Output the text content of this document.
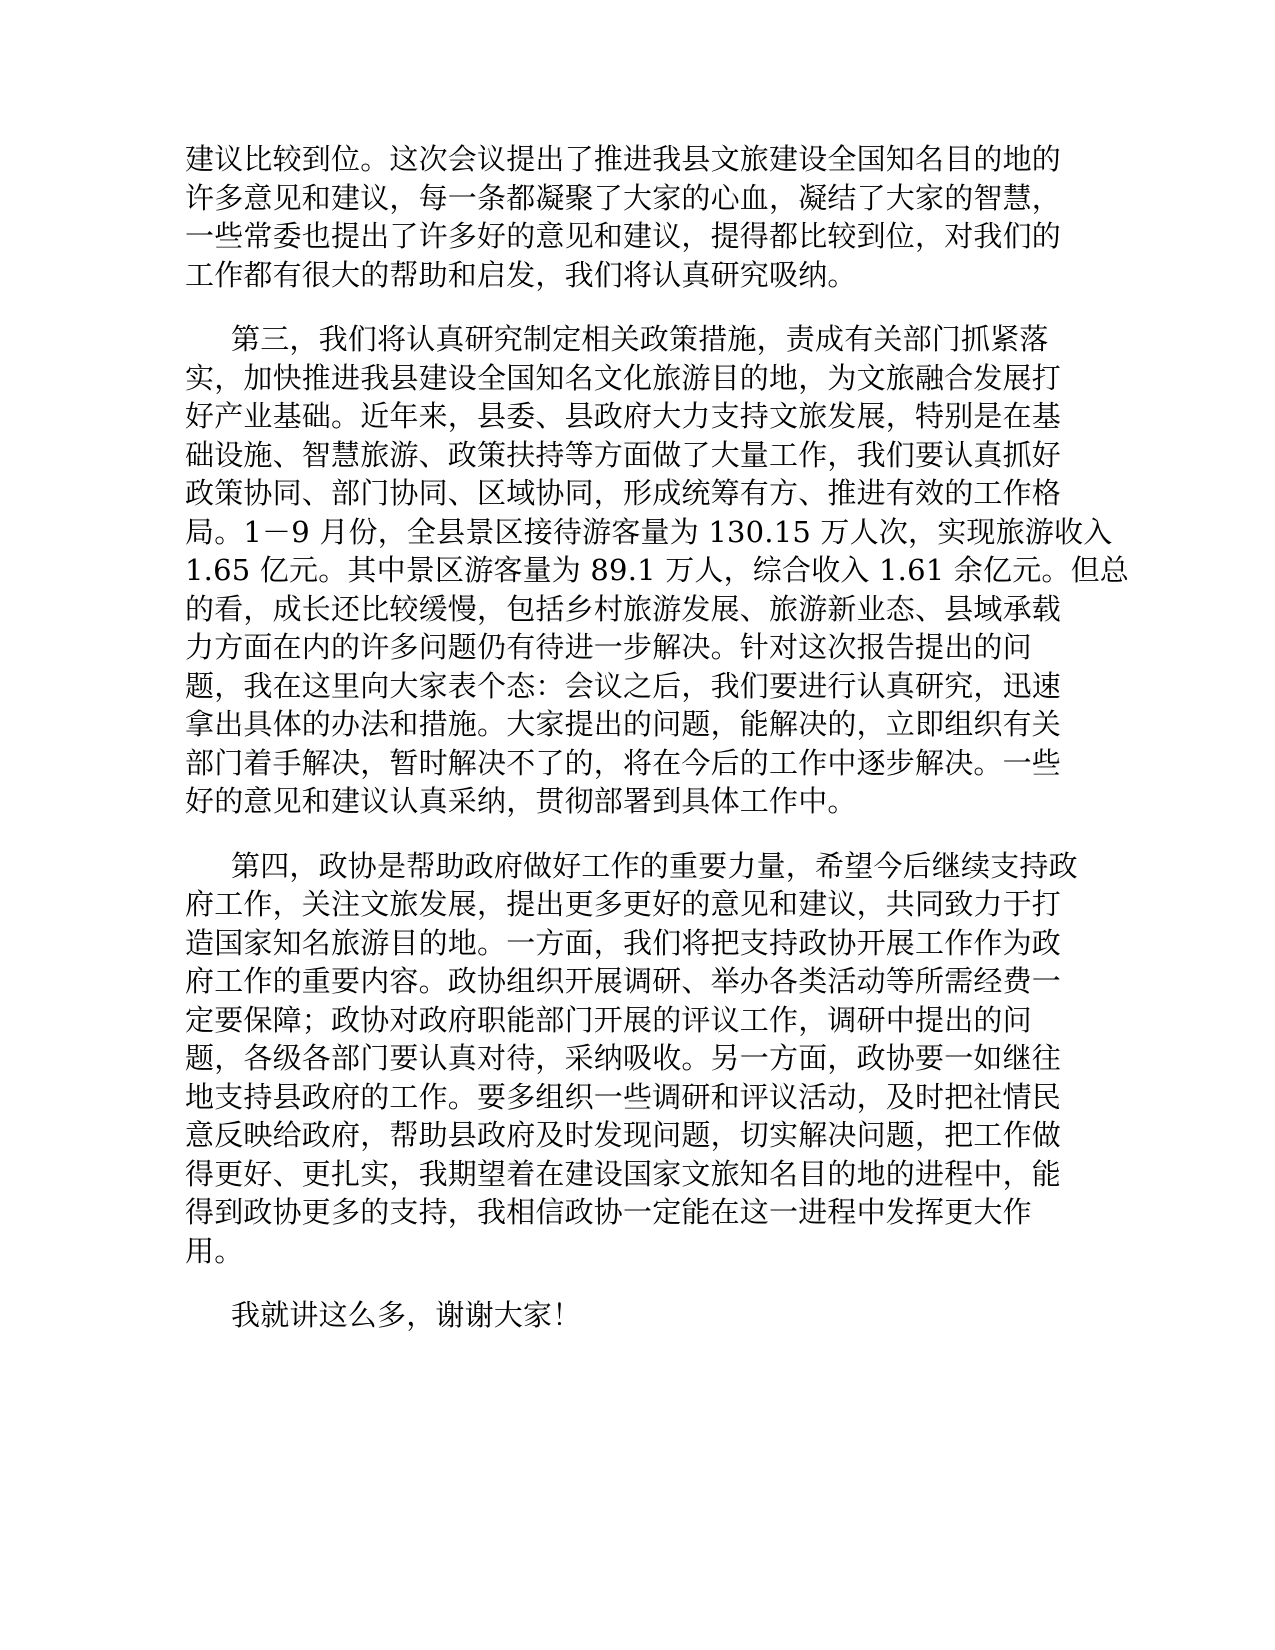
建议比较到位。这次会议提出了推进我县文旅建设全国知名目的地的
许多意见和建议，每一条都凝聚了大家的心血，凝结了大家的智慧，
一些常委也提出了许多好的意见和建议，提得都比较到位，对我们的
工作都有很大的帮助和启发，我们将认真研究吸纳。
第三，我们将认真研究制定相关政策措施，责成有关部门抓紧落
实，加快推进我县建设全国知名文化旅游目的地，为文旅融合发展打
好产业基础。近年来，县委、县政府大力支持文旅发展，特别是在基
础设施、智慧旅游、政策扶持等方面做了大量工作，我们要认真抓好
政策协同、部门协同、区域协同，形成统筹有方、推进有效的工作格
局。1－9 月份，全县景区接待游客量为 130.15 万人次，实现旅游收入
1.65 亿元。其中景区游客量为 89.1 万人，综合收入 1.61 余亿元。但总
的看，成长还比较缓慢，包括乡村旅游发展、旅游新业态、县域承载
力方面在内的许多问题仍有待进一步解决。针对这次报告提出的问
题，我在这里向大家表个态：会议之后，我们要进行认真研究，迅速
拿出具体的办法和措施。大家提出的问题，能解决的，立即组织有关
部门着手解决，暂时解决不了的，将在今后的工作中逐步解决。一些
好的意见和建议认真采纳，贯彻部署到具体工作中。
第四，政协是帮助政府做好工作的重要力量，希望今后继续支持政
府工作，关注文旅发展，提出更多更好的意见和建议，共同致力于打
造国家知名旅游目的地。一方面，我们将把支持政协开展工作作为政
府工作的重要内容。政协组织开展调研、举办各类活动等所需经费一
定要保障；政协对政府职能部门开展的评议工作，调研中提出的问
题，各级各部门要认真对待，采纳吸收。另一方面，政协要一如继往
地支持县政府的工作。要多组织一些调研和评议活动，及时把社情民
意反映给政府，帮助县政府及时发现问题，切实解决问题，把工作做
得更好、更扎实，我期望着在建设国家文旅知名目的地的进程中，能
得到政协更多的支持，我相信政协一定能在这一进程中发挥更大作
用。
我就讲这么多，谢谢大家！
